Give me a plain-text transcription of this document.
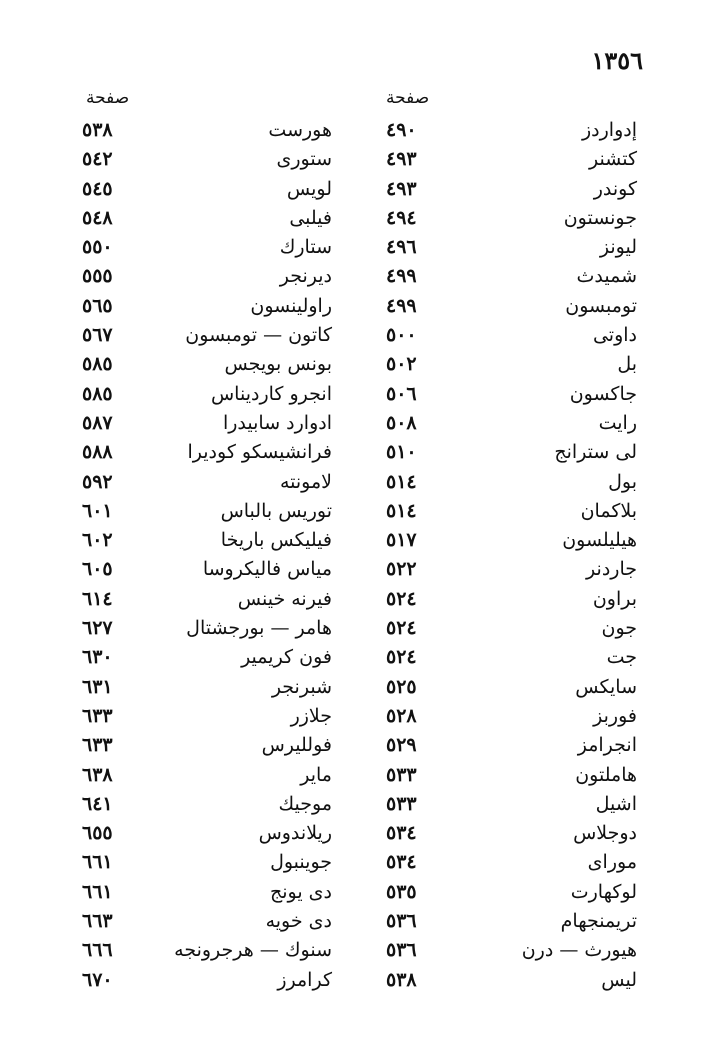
١٣٥٦
صفحة	صفحة
إدواردز
٤٩٠
هورست
٥٣٨
كتشنر
٤٩٣
ستورى
٥٤٢
كوندر
٤٩٣
لويس
٥٤٥
جونستون
٤٩٤
فيلبى
٥٤٨
ليونز
٤٩٦
ستارك
٥٥٠
شميدث
٤٩٩
ديرنجر
٥٥٥
تومبسون
٤٩٩
راولينسون
٥٦٥
داوتى
٥٠٠
كاتون — تومبسون
٥٦٧
بل
٥٠٢
بونس بويجس
٥٨٥
جاكسون
٥٠٦
انجرو كارديناس
٥٨٥
رايت
٥٠٨
ادوارد سابيدرا
٥٨٧
لى سترانج
٥١٠
فرانشيسكو كوديرا
٥٨٨
بول
٥١٤
لامونته
٥٩٢
بلاكمان
٥١٤
توريس بالباس
٦٠١
هيليلسون
٥١٧
فيليكس باريخا
٦٠٢
جاردنر
٥٢٢
مياس فاليكروسا
٦٠٥
براون
٥٢٤
فيرنه خينس
٦١٤
جون
٥٢٤
هامر — بورجشتال
٦٢٧
جت
٥٢٤
فون كريمير
٦٣٠
سايكس
٥٢٥
شبرنجر
٦٣١
فوربز
٥٢٨
جلازر
٦٣٣
انجرامز
٥٢٩
فولليرس
٦٣٣
هاملتون
٥٣٣
ماير
٦٣٨
اشيل
٥٣٣
موجيك
٦٤١
دوجلاس
٥٣٤
ريلاندوس
٦٥٥
موراى
٥٣٤
جوينبول
٦٦١
لوكهارت
٥٣٥
دى يونج
٦٦١
تريمنجهام
٥٣٦
دى خويه
٦٦٣
هيورث — درن
٥٣٦
سنوك — هرجرونجه
٦٦٦
ليس
٥٣٨
كرامرز
٦٧٠
